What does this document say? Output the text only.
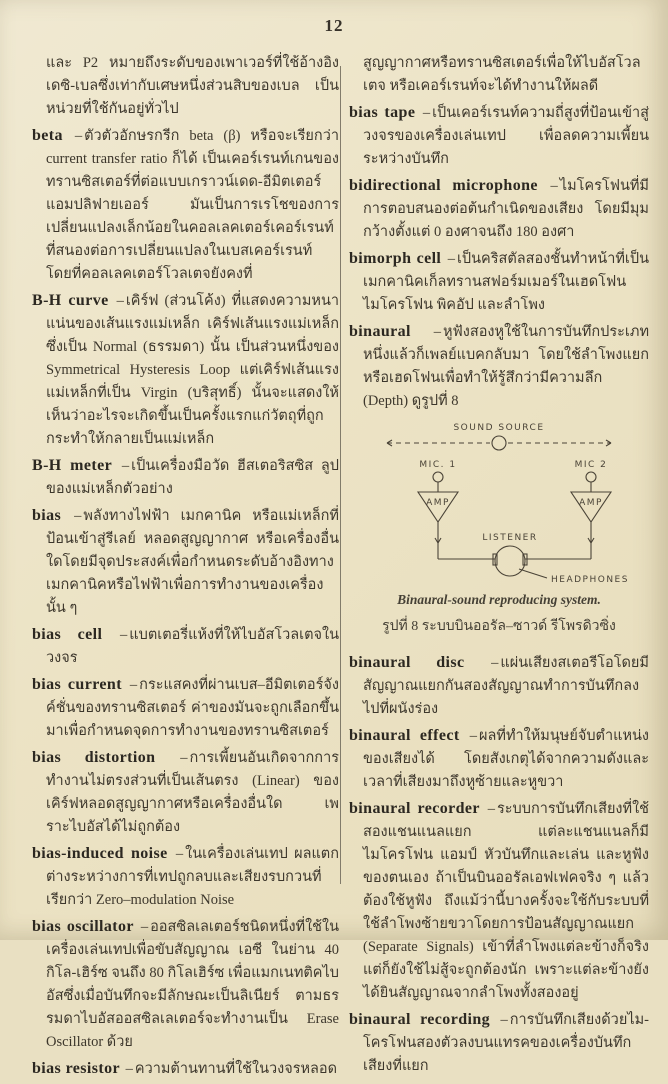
12

และ P2 หมายถึงระดับของเพาเวอร์ที่ใช้อ้างอิง เดซิ-เบลซึ่งเท่ากับเศษหนึ่งส่วนสิบของเบล เป็นหน่วยที่ใช้กันอยู่ทั่วไป

beta – ตัวตัวอักษรกรีก beta (β) หรือจะเรียกว่า current transfer ratio ก็ได้ เป็นเคอร์เรนท์เกนของทรานซิสเตอร์ที่ต่อแบบเกราวน์เดด-อีมิตเตอร์ แอมปลิฟายเออร์ มันเป็นการเรโชของการเปลี่ยนแปลงเล็กน้อยในคอลเลคเตอร์เคอร์เรนท์ ที่สนองต่อการเปลี่ยนแปลงในเบสเคอร์เรนท์ โดยที่คอลเลคเตอร์โวลเตจยังคงที่

B-H curve – เคิร์ฟ (ส่วนโค้ง) ที่แสดงความหนาแน่นของเส้นแรงแม่เหล็ก เคิร์ฟเส้นแรงแม่เหล็กซึ่งเป็น Normal (ธรรมดา) นั้น เป็นส่วนหนึ่งของ Symmetrical Hysteresis Loop แต่เคิร์ฟเส้นแรงแม่เหล็กที่เป็น Virgin (บริสุทธิ์) นั้นจะแสดงให้เห็นว่าอะไรจะเกิดขึ้นเป็นครั้งแรกแก่วัตถุที่ถูกกระทำให้กลายเป็นแม่เหล็ก

B-H meter – เป็นเครื่องมือวัด ฮีสเตอริสซิส ลูปของแม่เหล็กตัวอย่าง

bias – พลังทางไฟฟ้า เมกคานิค หรือแม่เหล็กที่ป้อนเข้าสู่รีเลย์ หลอดสูญญากาศ หรือเครื่องอื่นใดโดยมีจุดประสงค์เพื่อกำหนดระดับอ้างอิงทางเมกคานิคหรือไฟฟ้าเพื่อการทำงานของเครื่องนั้น ๆ

bias cell – แบตเตอรี่แห้งที่ให้ไบอัสโวลเตจในวงจร

bias current – กระแสคงที่ผ่านเบส–อีมิตเตอร์จังค์ชั่นของทรานซิสเตอร์ ค่าของมันจะถูกเลือกขึ้นมาเพื่อกำหนดจุดการทำงานของทรานซิสเตอร์

bias distortion – การเพี้ยนอันเกิดจากการทำงานไม่ตรงส่วนที่เป็นเส้นตรง (Linear) ของเคิร์ฟหลอดสูญญากาศหรือเครื่องอื่นใด เพราะไบอัสได้ไม่ถูกต้อง

bias-induced noise – ในเครื่องเล่นเทป ผลแตกต่างระหว่างการที่เทปถูกลบและเสียงรบกวนที่เรียกว่า Zero–modulation Noise

bias oscillator – ออสซิลเลเตอร์ชนิดหนึ่งที่ใช้ในเครื่องเล่นเทปเพื่อขับสัญญาณ เอซี ในย่าน 40 กิโล-เฮิร์ซ จนถึง 80 กิโลเฮิร์ซ เพื่อแมกเนทติคไบอัสซึ่งเมื่อบันทึกจะมีลักษณะเป็นลิเนียร์ ตามธรรมดาไบอัสออสซิลเลเตอร์จะทำงานเป็น Erase Oscillator ด้วย

bias resistor – ความต้านทานที่ใช้ในวงจรหลอด

สูญญากาศหรือทรานซิสเตอร์เพื่อให้ไบอัสโวลเตจ หรือเคอร์เรนท์จะได้ทำงานให้ผลดี

bias tape – เป็นเคอร์เรนท์ความถี่สูงที่ป้อนเข้าสู่วงจรของเครื่องเล่นเทป เพื่อลดความเพี้ยนระหว่างบันทึก

bidirectional microphone – ไมโครโฟนที่มีการตอบสนองต่อต้นกำเนิดของเสียง โดยมีมุมกว้างตั้งแต่ 0 องศาจนถึง 180 องศา

bimorph cell – เป็นคริสตัลสองชั้นทำหน้าที่เป็นเมกคานิคเก็ลทรานสฟอร์มเมอร์ในเฮดโฟน ไมโครโฟน พิคอัป และลำโพง

binaural – หูฟังสองหูใช้ในการบันทึกประเภทหนึ่งแล้วก็เพลย์แบคกลับมา โดยใช้ลำโพงแยกหรือเฮดโฟนเพื่อทำให้รู้สึกว่ามีความลึก (Depth) ดูรูปที่ 8

SOUND SOURCE
MIC. 1	MIC 2
AMP	AMP
LISTENER
HEADPHONES
Binaural-sound reproducing system.
รูปที่ 8 ระบบบินออรัล–ซาวด์ รีโพรดิวซิ่ง

binaural disc – แผ่นเสียงสเตอรีโอโดยมีสัญญาณแยกกันสองสัญญาณทำการบันทึกลงไปที่ผนังร่อง

binaural effect – ผลที่ทำให้มนุษย์จับตำแหน่งของเสียงได้ โดยสังเกตุได้จากความดังและเวลาที่เสียงมาถึงหูซ้ายและหูขวา

binaural recorder – ระบบการบันทึกเสียงที่ใช้สองแชนแนลแยก แต่ละแชนแนลก็มีไมโครโฟน แอมป์ หัวบันทึกและเล่น และหูฟังของตนเอง ถ้าเป็นบินออรัลเอฟเฟคจริง ๆ แล้ว ต้องใช้หูฟัง ถึงแม้ว่านี้บางครั้งจะใช้กับระบบที่ใช้ลำโพงซ้ายขวาโดยการป้อนสัญญาณแยก (Separate Signals) เข้าที่ลำโพงแต่ละข้างก็จริง แต่ก็ยังใช้ไม่สู้จะถูกต้องนัก เพราะแต่ละข้างยังได้ยินสัญญาณจากลำโพงทั้งสองอยู่

binaural recording – การบันทึกเสียงด้วยไม-โครโฟนสองตัวลงบนแทรคของเครื่องบันทึกเสียงที่แยก
